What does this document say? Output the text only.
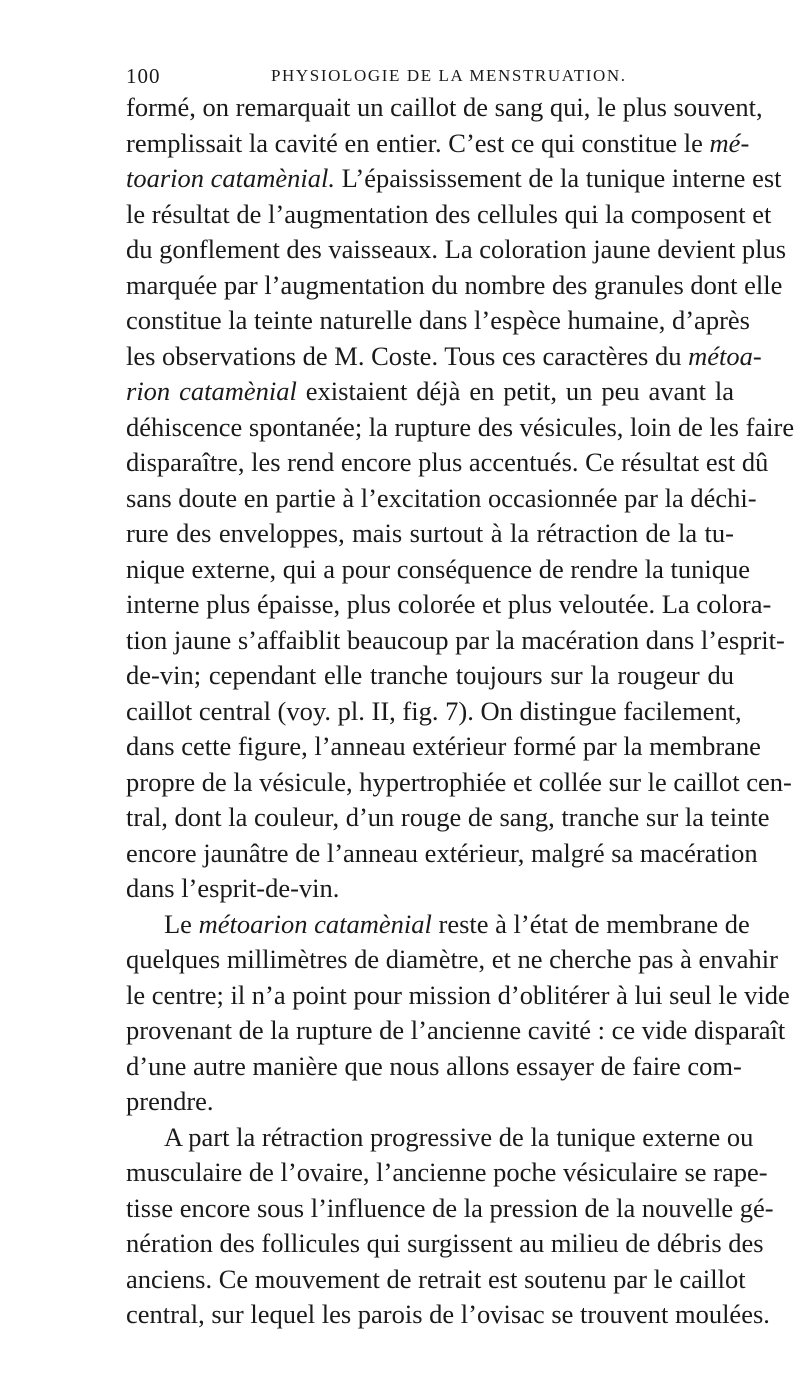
100	PHYSIOLOGIE DE LA MENSTRUATION.
formé, on remarquait un caillot de sang qui, le plus souvent,
remplissait la cavité en entier. C’est ce qui constitue le mé-
toarion catamènial. L’épaississement de la tunique interne est
le résultat de l’augmentation des cellules qui la composent et
du gonflement des vaisseaux. La coloration jaune devient plus
marquée par l’augmentation du nombre des granules dont elle
constitue la teinte naturelle dans l’espèce humaine, d’après
les observations de M. Coste. Tous ces caractères du métoa-
rion catamènial existaient déjà en petit, un peu avant la
déhiscence spontanée; la rupture des vésicules, loin de les faire
disparaître, les rend encore plus accentués. Ce résultat est dû
sans doute en partie à l’excitation occasionnée par la déchi-
rure des enveloppes, mais surtout à la rétraction de la tu-
nique externe, qui a pour conséquence de rendre la tunique
interne plus épaisse, plus colorée et plus veloutée. La colora-
tion jaune s’affaiblit beaucoup par la macération dans l’esprit-
de-vin; cependant elle tranche toujours sur la rougeur du
caillot central (voy. pl. II, fig. 7). On distingue facilement,
dans cette figure, l’anneau extérieur formé par la membrane
propre de la vésicule, hypertrophiée et collée sur le caillot cen-
tral, dont la couleur, d’un rouge de sang, tranche sur la teinte
encore jaunâtre de l’anneau extérieur, malgré sa macération
dans l’esprit-de-vin.
Le métoarion catamènial reste à l’état de membrane de
quelques millimètres de diamètre, et ne cherche pas à envahir
le centre; il n’a point pour mission d’oblitérer à lui seul le vide
provenant de la rupture de l’ancienne cavité : ce vide disparaît
d’une autre manière que nous allons essayer de faire com-
prendre.
A part la rétraction progressive de la tunique externe ou
musculaire de l’ovaire, l’ancienne poche vésiculaire se rape-
tisse encore sous l’influence de la pression de la nouvelle gé-
nération des follicules qui surgissent au milieu de débris des
anciens. Ce mouvement de retrait est soutenu par le caillot
central, sur lequel les parois de l’ovisac se trouvent moulées.
